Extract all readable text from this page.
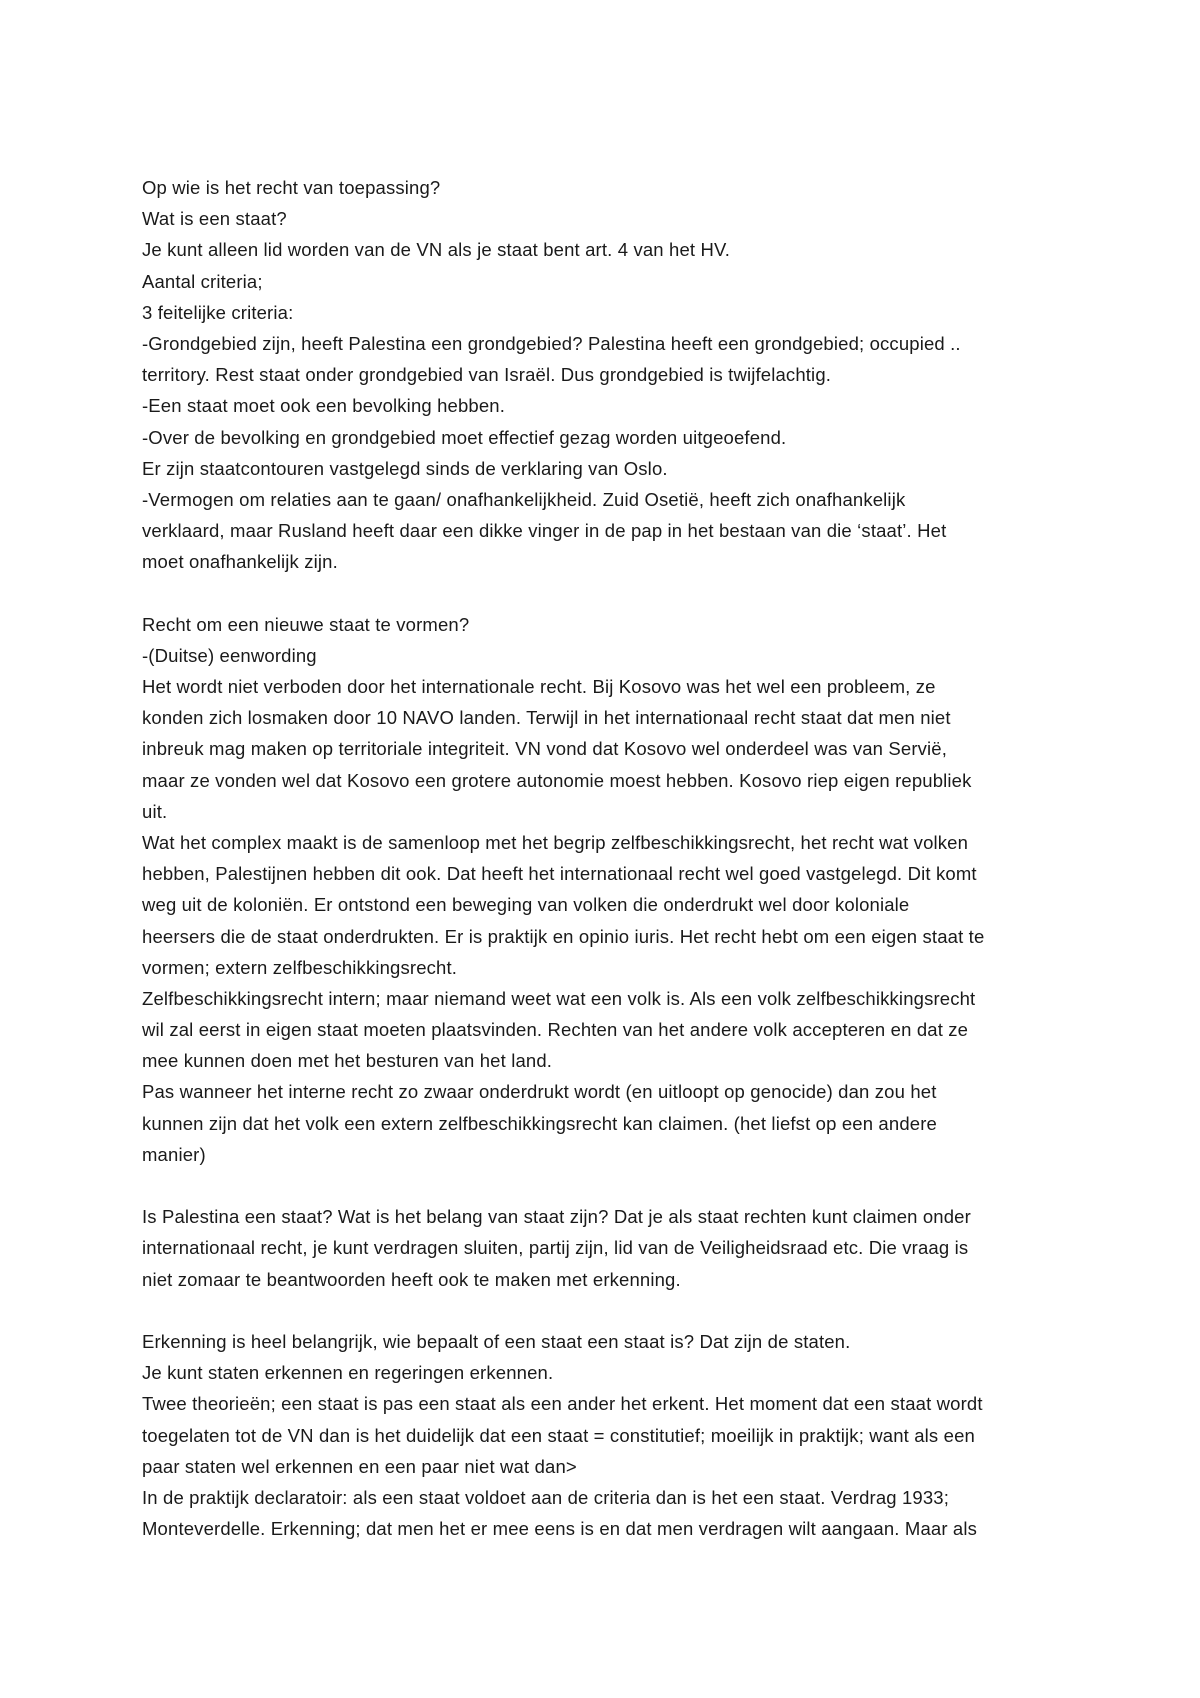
Op wie is het recht van toepassing?
Wat is een staat?
Je kunt alleen lid worden van de VN als je staat bent art. 4 van het HV.
Aantal criteria;
3 feitelijke criteria:
-Grondgebied zijn, heeft Palestina een grondgebied? Palestina heeft een grondgebied; occupied ..
territory. Rest staat onder grondgebied van Israël. Dus grondgebied is twijfelachtig.
-Een staat moet ook een bevolking hebben.
-Over de bevolking en grondgebied moet effectief gezag worden uitgeoefend.
Er zijn staatcontouren vastgelegd sinds de verklaring van Oslo.
-Vermogen om relaties aan te gaan/ onafhankelijkheid. Zuid Osetië, heeft zich onafhankelijk
verklaard, maar Rusland heeft daar een dikke vinger in de pap in het bestaan van die ‘staat’. Het
moet onafhankelijk zijn.
Recht om een nieuwe staat te vormen?
-(Duitse) eenwording
Het wordt niet verboden door het internationale recht. Bij Kosovo was het wel een probleem, ze
konden zich losmaken door 10 NAVO landen. Terwijl in het internationaal recht staat dat men niet
inbreuk mag maken op territoriale integriteit. VN vond dat Kosovo wel onderdeel was van Servië,
maar ze vonden wel dat Kosovo een grotere autonomie moest hebben. Kosovo riep eigen republiek
uit.
Wat het complex maakt is de samenloop met het begrip zelfbeschikkingsrecht, het recht wat volken
hebben, Palestijnen hebben dit ook. Dat heeft het internationaal recht wel goed vastgelegd. Dit komt
weg uit de koloniën. Er ontstond een beweging van volken die onderdrukt wel door koloniale
heersers die de staat onderdrukten. Er is praktijk en opinio iuris. Het recht hebt om een eigen staat te
vormen; extern zelfbeschikkingsrecht.
Zelfbeschikkingsrecht intern; maar niemand weet wat een volk is. Als een volk zelfbeschikkingsrecht
wil zal eerst in eigen staat moeten plaatsvinden. Rechten van het andere volk accepteren en dat ze
mee kunnen doen met het besturen van het land.
Pas wanneer het interne recht zo zwaar onderdrukt wordt (en uitloopt op genocide) dan zou het
kunnen zijn dat het volk een extern zelfbeschikkingsrecht kan claimen. (het liefst op een andere
manier)
Is Palestina een staat? Wat is het belang van staat zijn? Dat je als staat rechten kunt claimen onder
internationaal recht, je kunt verdragen sluiten, partij zijn, lid van de Veiligheidsraad etc. Die vraag is
niet zomaar te beantwoorden heeft ook te maken met erkenning.
Erkenning is heel belangrijk, wie bepaalt of een staat een staat is? Dat zijn de staten.
Je kunt staten erkennen en regeringen erkennen.
Twee theorieën; een staat is pas een staat als een ander het erkent. Het moment dat een staat wordt
toegelaten tot de VN dan is het duidelijk dat een staat = constitutief; moeilijk in praktijk; want als een
paar staten wel erkennen en een paar niet wat dan>
In de praktijk declaratoir: als een staat voldoet aan de criteria dan is het een staat. Verdrag 1933;
Monteverdelle. Erkenning; dat men het er mee eens is en dat men verdragen wilt aangaan. Maar als
